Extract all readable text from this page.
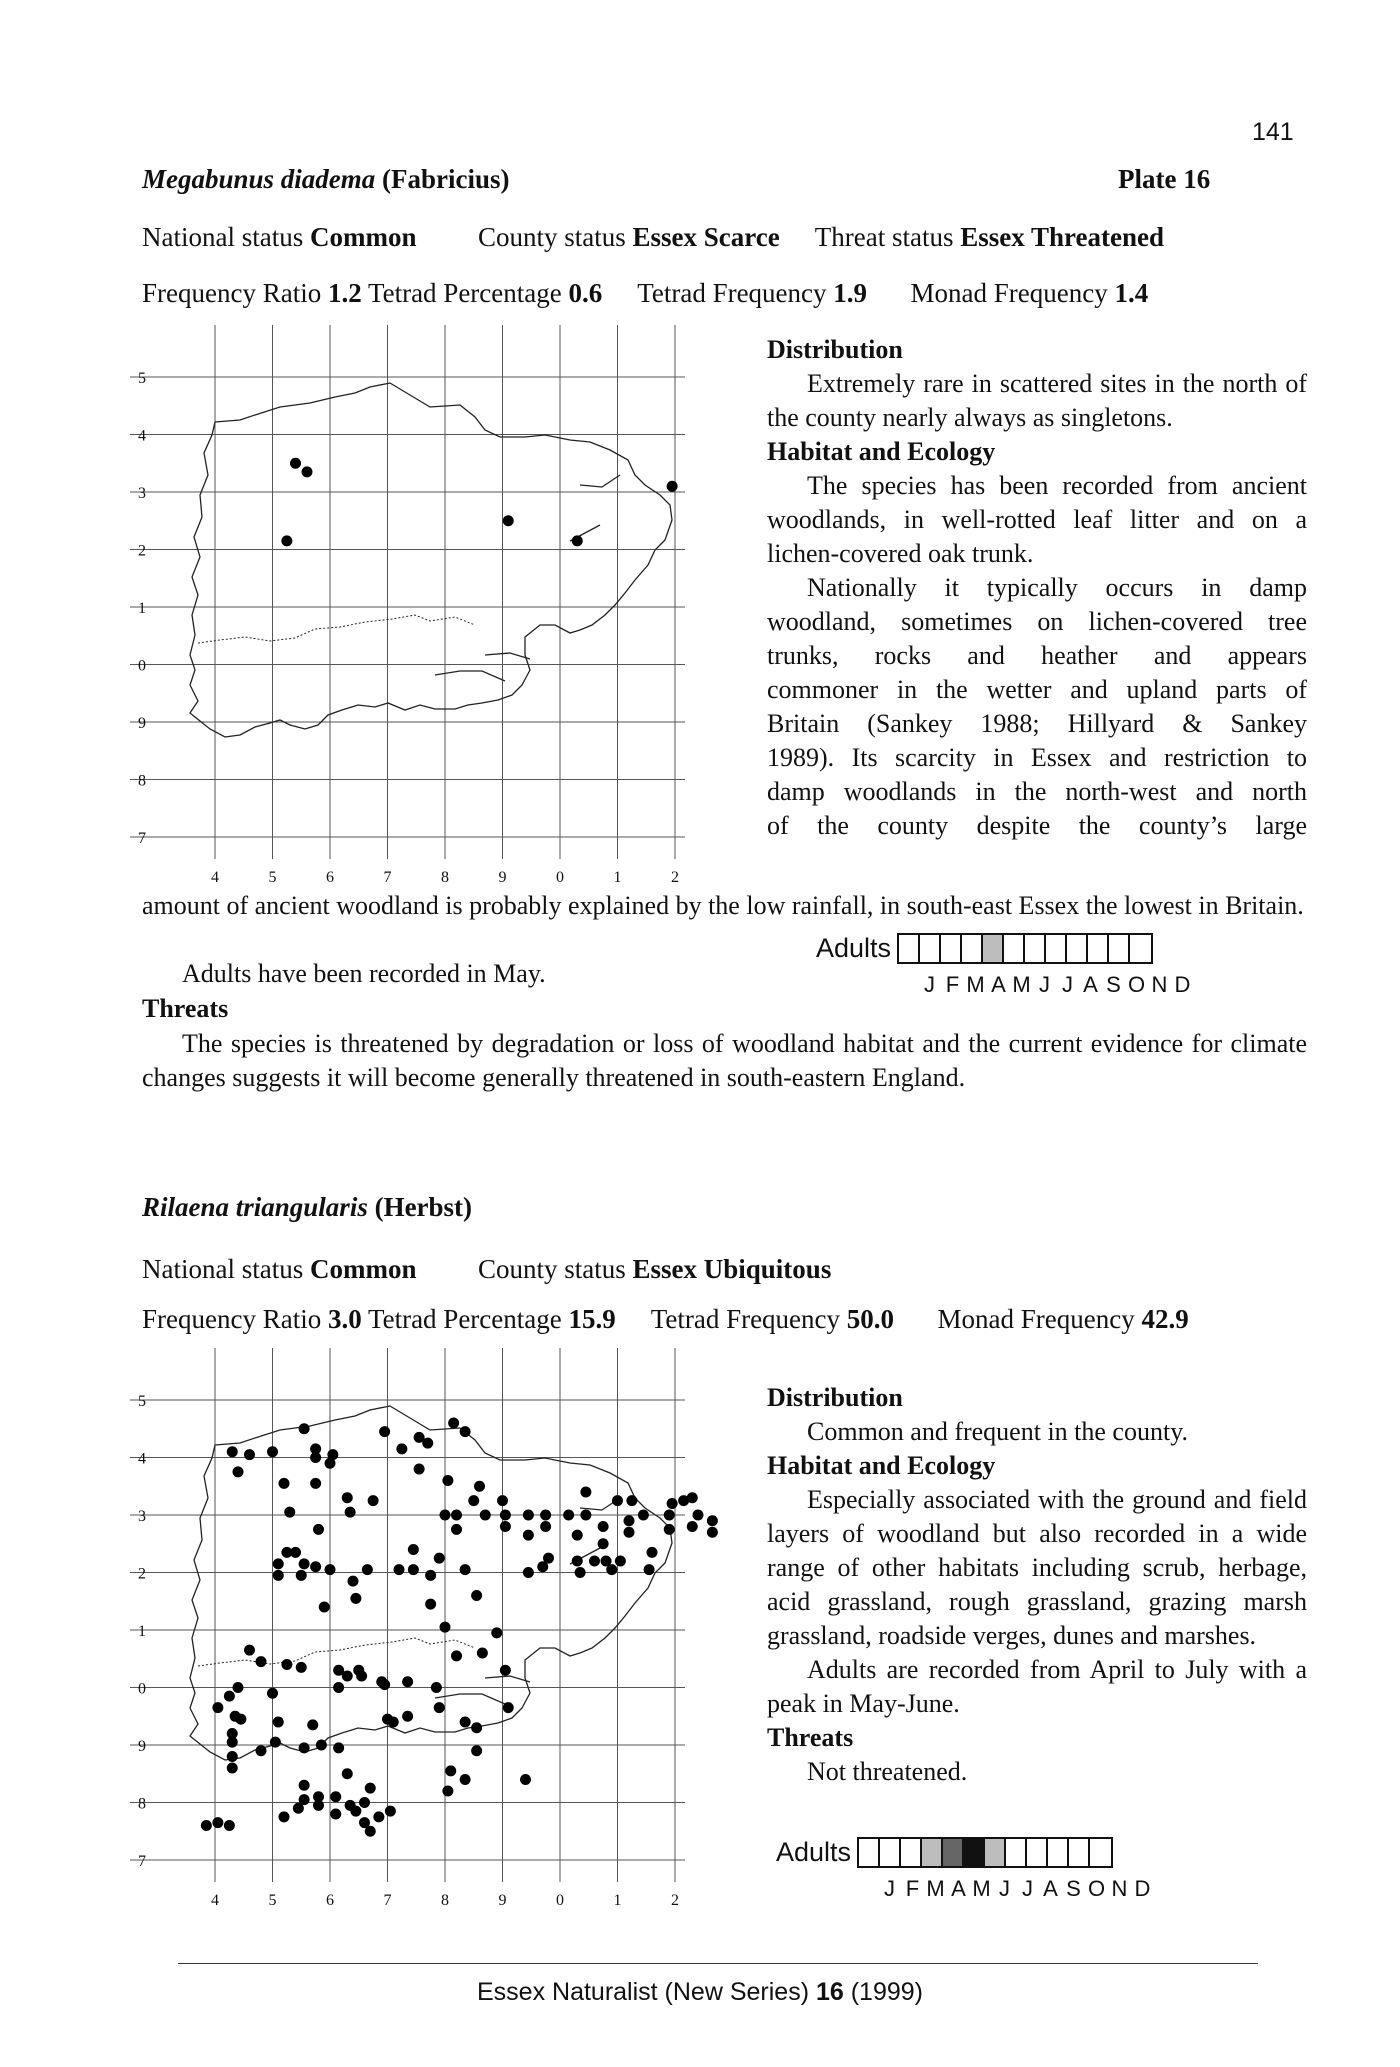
141
Megabunus diadema (Fabricius)	Plate 16
National status Common County status Essex Scarce Threat status Essex Threatened
Frequency Ratio 1.2 Tetrad Percentage 0.6 Tetrad Frequency 1.9 Monad Frequency 1.4
4	5	6	7	8	9	0	1	2
5
4
3
2
1
0
9
8
7
Distribution
Extremely rare in scattered sites in the north of the county nearly always as singletons.
Habitat and Ecology
The species has been recorded from ancient woodlands, in well-rotted leaf litter and on a lichen-covered oak trunk.
Nationally it typically occurs in damp
woodland, sometimes on lichen-covered tree
trunks, rocks and heather and appears
commoner in the wetter and upland parts of
Britain (Sankey 1988; Hillyard & Sankey
1989). Its scarcity in Essex and restriction to
damp woodlands in the north-west and north
of the county despite the county’s large
amount of ancient woodland is probably explained by the low rainfall, in south-east Essex the lowest in Britain.
Adults have been recorded in May.
Adults
J F M A M J J A S O N D
Threats
The species is threatened by degradation or loss of woodland habitat and the current evidence for climate changes suggests it will become generally threatened in south-eastern England.
Rilaena triangularis (Herbst)
National status Common County status Essex Ubiquitous
Frequency Ratio 3.0 Tetrad Percentage 15.9 Tetrad Frequency 50.0 Monad Frequency 42.9
4	5	6	7	8	9	0	1	2
5
4
3
2
1
0
9
8
7
Distribution
Common and frequent in the county.
Habitat and Ecology
Especially associated with the ground and field layers of woodland but also recorded in a wide range of other habitats including scrub, herbage, acid grassland, rough grassland, grazing marsh grassland, roadside verges, dunes and marshes.
Adults are recorded from April to July with a peak in May-June.
Threats
Not threatened.
Adults
J F M A M J J A S O N D
Essex Naturalist (New Series) 16 (1999)
